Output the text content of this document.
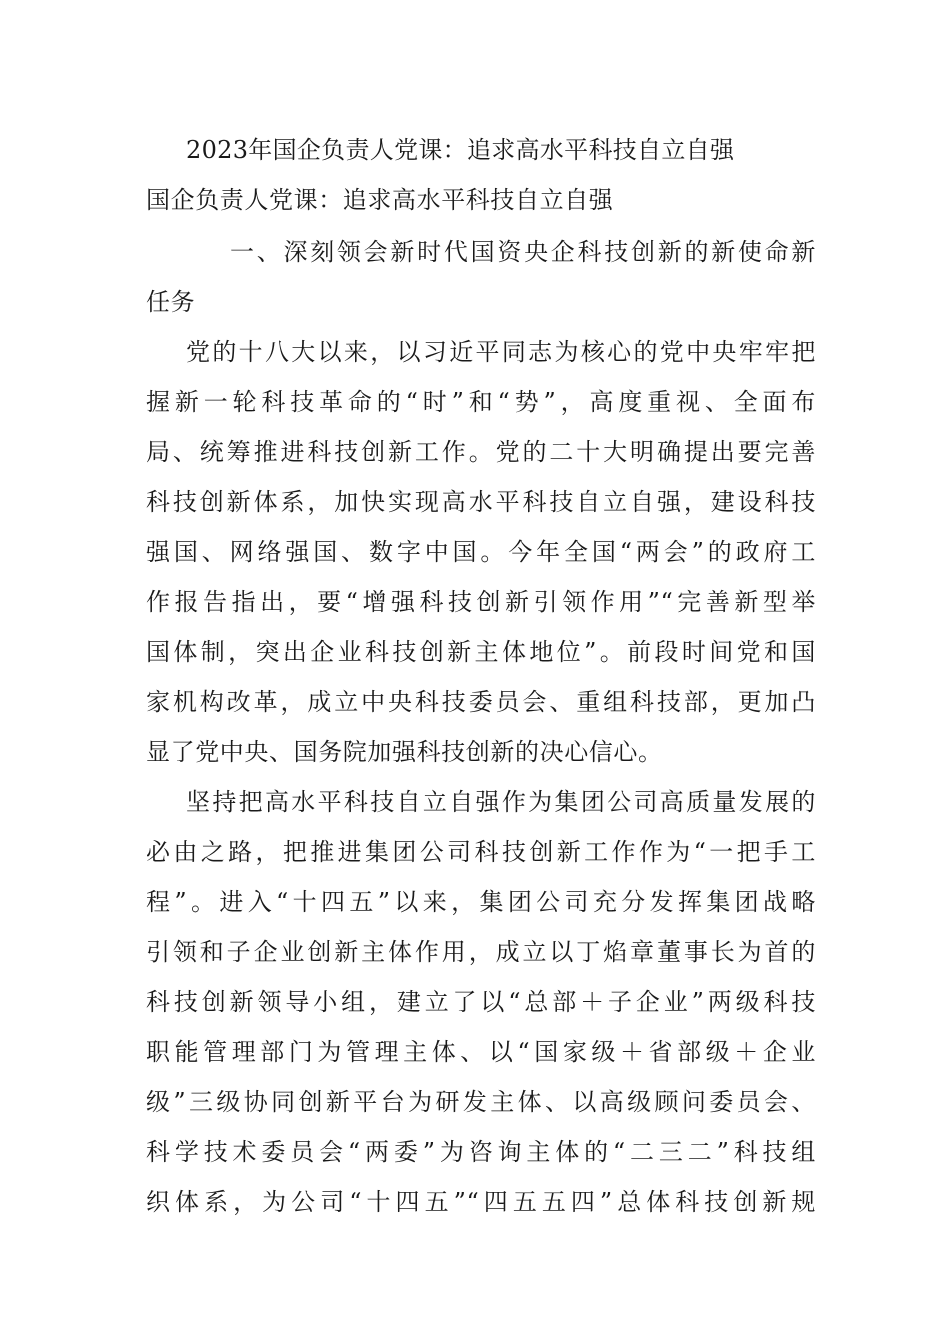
2023年国企负责人党课：追求高水平科技自立自强
国企负责人党课：追求高水平科技自立自强
一、深刻领会新时代国资央企科技创新的新使命新
任务
党的十八大以来，以习近平同志为核心的党中央牢牢把
握新一轮科技革命的“时”和“势”，高度重视、全面布
局、统筹推进科技创新工作。党的二十大明确提出要完善
科技创新体系，加快实现高水平科技自立自强，建设科技
强国、网络强国、数字中国。今年全国“两会”的政府工
作报告指出，要“增强科技创新引领作用”“完善新型举
国体制，突出企业科技创新主体地位”。前段时间党和国
家机构改革，成立中央科技委员会、重组科技部，更加凸
显了党中央、国务院加强科技创新的决心信心。
坚持把高水平科技自立自强作为集团公司高质量发展的
必由之路，把推进集团公司科技创新工作作为“一把手工
程”。进入“十四五”以来，集团公司充分发挥集团战略
引领和子企业创新主体作用，成立以丁焰章董事长为首的
科技创新领导小组，建立了以“总部＋子企业”两级科技
职能管理部门为管理主体、以“国家级＋省部级＋企业
级”三级协同创新平台为研发主体、以高级顾问委员会、
科学技术委员会“两委”为咨询主体的“二三二”科技组
织体系，为公司“十四五”“四五五四”总体科技创新规
